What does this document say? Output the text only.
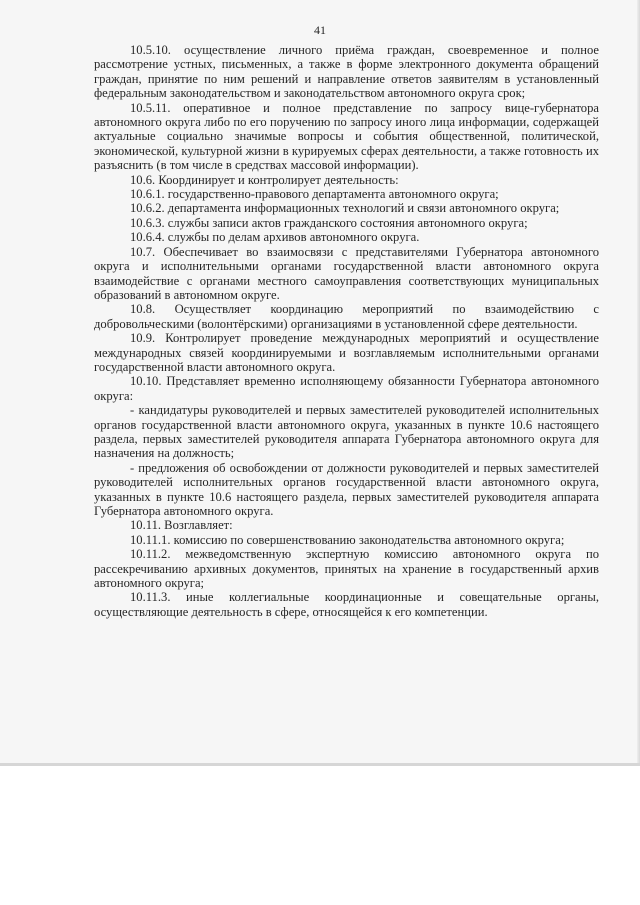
41

10.5.10. осуществление личного приёма граждан, своевременное и полное рассмотрение устных, письменных, а также в форме электронного документа обращений граждан, принятие по ним решений и направление ответов заявителям в установленный федеральным законодательством и законодательством автономного округа срок;

10.5.11. оперативное и полное представление по запросу вице-губернатора автономного округа либо по его поручению по запросу иного лица информации, содержащей актуальные социально значимые вопросы и события общественной, политической, экономической, культурной жизни в курируемых сферах деятельности, а также готовность их разъяснить (в том числе в средствах массовой информации).

10.6. Координирует и контролирует деятельность:

10.6.1. государственно-правового департамента автономного округа;

10.6.2. департамента информационных технологий и связи автономного округа;

10.6.3. службы записи актов гражданского состояния автономного округа;

10.6.4. службы по делам архивов автономного округа.

10.7. Обеспечивает во взаимосвязи с представителями Губернатора автономного округа и исполнительными органами государственной власти автономного округа взаимодействие с органами местного самоуправления соответствующих муниципальных образований в автономном округе.

10.8. Осуществляет координацию мероприятий по взаимодействию с добровольческими (волонтёрскими) организациями в установленной сфере деятельности.

10.9. Контролирует проведение международных мероприятий и осуществление международных связей координируемыми и возглавляемым исполнительными органами государственной власти автономного округа.

10.10. Представляет временно исполняющему обязанности Губернатора автономного округа:

- кандидатуры руководителей и первых заместителей руководителей исполнительных органов государственной власти автономного округа, указанных в пункте 10.6 настоящего раздела, первых заместителей руководителя аппарата Губернатора автономного округа для назначения на должность;

- предложения об освобождении от должности руководителей и первых заместителей руководителей исполнительных органов государственной власти автономного округа, указанных в пункте 10.6 настоящего раздела, первых заместителей руководителя аппарата Губернатора автономного округа.

10.11. Возглавляет:

10.11.1. комиссию по совершенствованию законодательства автономного округа;

10.11.2. межведомственную экспертную комиссию автономного округа по рассекречиванию архивных документов, принятых на хранение в государственный архив автономного округа;

10.11.3. иные коллегиальные координационные и совещательные органы, осуществляющие деятельность в сфере, относящейся к его компетенции.
